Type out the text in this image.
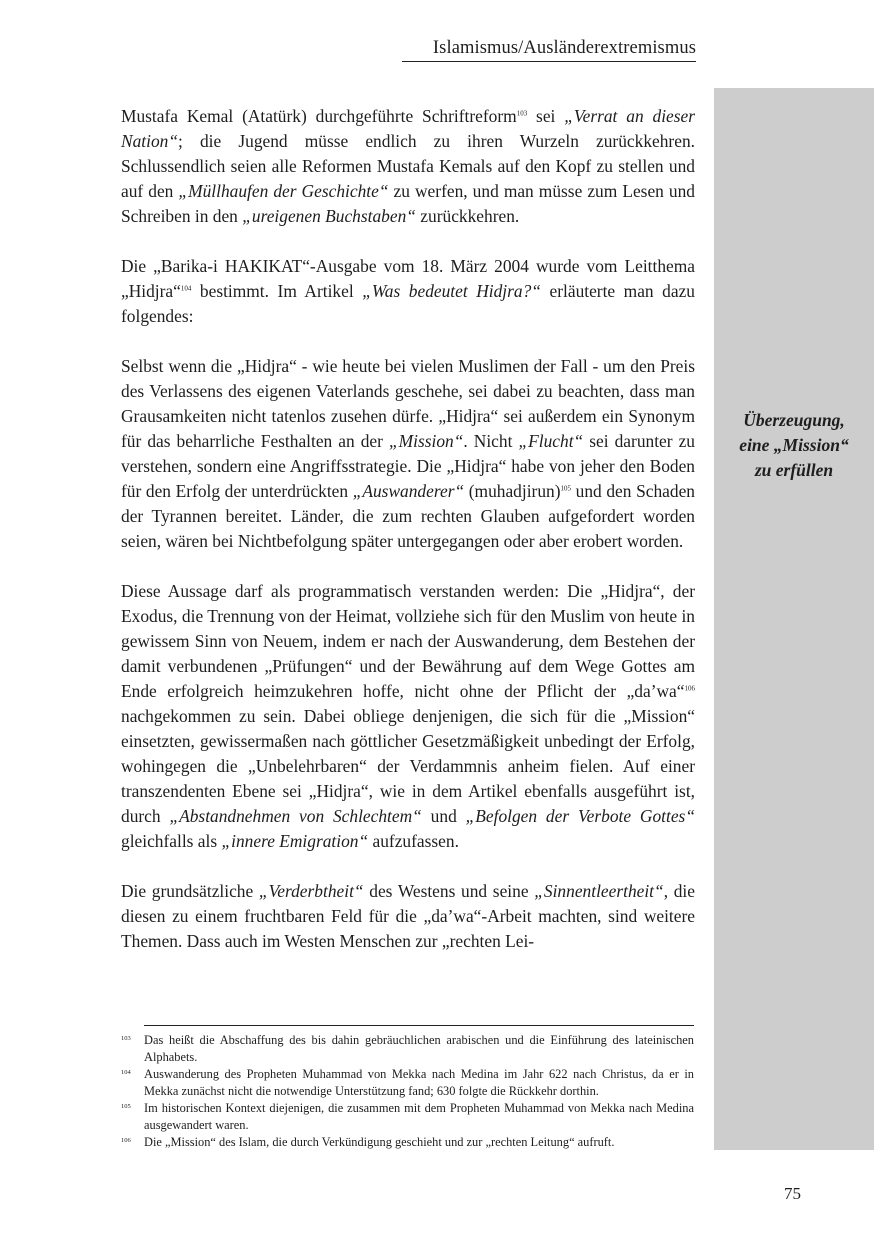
Islamismus/Ausländerextremismus
Überzeugung,
eine „Mission“
zu erfüllen

Mustafa Kemal (Atatürk) durchgeführte Schriftreform$^{103}$ sei „Verrat an dieser Nation“; die Jugend müsse endlich zu ihren Wurzeln zurückkehren. Schlussendlich seien alle Reformen Mustafa Kemals auf den Kopf zu stellen und auf den „Müllhaufen der Geschichte“ zu werfen, und man müsse zum Lesen und Schreiben in den „ureigenen Buchstaben“ zurückkehren.

Die „Barika-i HAKIKAT“-Ausgabe vom 18. März 2004 wurde vom Leitthema „Hidjra“$^{104}$ bestimmt. Im Artikel „Was bedeutet Hidjra?“ erläuterte man dazu folgendes:

Selbst wenn die „Hidjra“ - wie heute bei vielen Muslimen der Fall - um den Preis des Verlassens des eigenen Vaterlands geschehe, sei dabei zu beachten, dass man Grausamkeiten nicht tatenlos zusehen dürfe. „Hidjra“ sei außerdem ein Synonym für das beharrliche Festhalten an der „Mission“. Nicht „Flucht“ sei darunter zu verstehen, sondern eine Angriffsstrategie. Die „Hidjra“ habe von jeher den Boden für den Erfolg der unterdrückten „Auswanderer“ (muhadjirun)$^{105}$ und den Schaden der Tyrannen bereitet. Länder, die zum rechten Glauben aufgefordert worden seien, wären bei Nichtbefolgung später untergegangen oder aber erobert worden.

Diese Aussage darf als programmatisch verstanden werden: Die „Hidjra“, der Exodus, die Trennung von der Heimat, vollziehe sich für den Muslim von heute in gewissem Sinn von Neuem, indem er nach der Auswanderung, dem Bestehen der damit verbundenen „Prüfungen“ und der Bewährung auf dem Wege Gottes am Ende erfolgreich heimzukehren hoffe, nicht ohne der Pflicht der „da’wa“$^{106}$ nachgekommen zu sein. Dabei obliege denjenigen, die sich für die „Mission“ einsetzten, gewissermaßen nach göttlicher Gesetzmäßigkeit unbedingt der Erfolg, wohingegen die „Unbelehrbaren“ der Verdammnis anheim fielen. Auf einer transzendenten Ebene sei „Hidjra“, wie in dem Artikel ebenfalls ausgeführt ist, durch „Abstandnehmen von Schlechtem“ und „Befolgen der Verbote Gottes“ gleichfalls als „innere Emigration“ aufzufassen.

Die grundsätzliche „Verderbtheit“ des Westens und seine „Sinnentleertheit“, die diesen zu einem fruchtbaren Feld für die „da’wa“-Arbeit machten, sind weitere Themen. Dass auch im Westen Menschen zur „rechten Lei-

103	Das heißt die Abschaffung des bis dahin gebräuchlichen arabischen und die Einführung des lateinischen Alphabets.
104	Auswanderung des Propheten Muhammad von Mekka nach Medina im Jahr 622 nach Christus, da er in Mekka zunächst nicht die notwendige Unterstützung fand; 630 folgte die Rückkehr dorthin.
105	Im historischen Kontext diejenigen, die zusammen mit dem Propheten Muhammad von Mekka nach Medina ausgewandert waren.
106	Die „Mission“ des Islam, die durch Verkündigung geschieht und zur „rechten Leitung“ aufruft.
75
